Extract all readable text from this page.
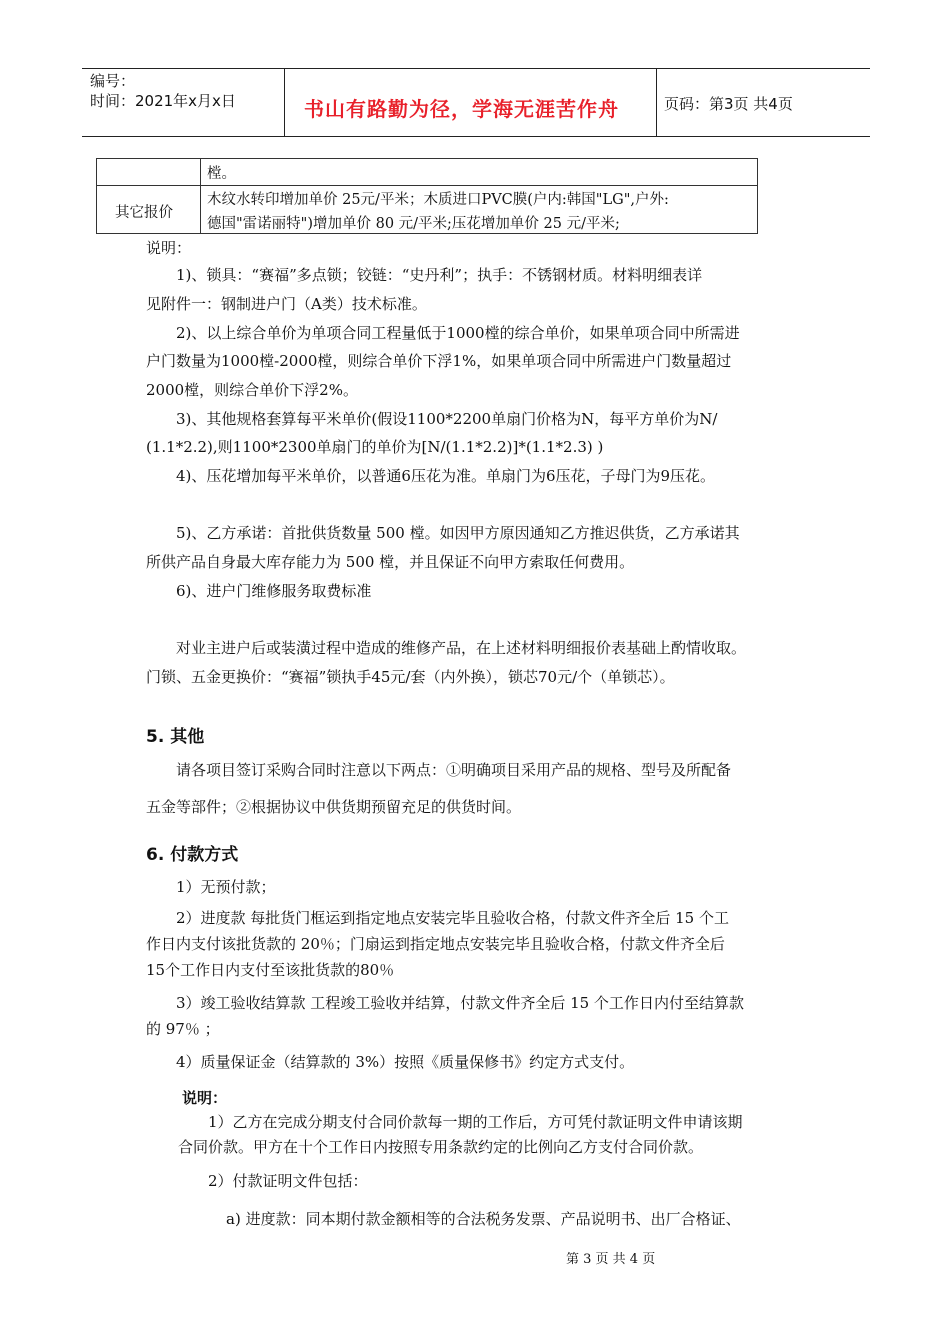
编号：
时间：2021年x月x日	书山有路勤为径，学海无涯苦作舟	页码：第3页 共4页
樘。
其它报价
木纹水转印增加单价 25元/平米；木质进口PVC膜(户内:韩国"LG",户外:
德国"雷诺丽特")增加单价 80 元/平米;压花增加单价 25 元/平米;
说明：
1)、锁具：“赛福”多点锁；铰链：“史丹利”；执手：不锈钢材质。材料明细表详
见附件一：钢制进户门（A类）技术标准。
2)、以上综合单价为单项合同工程量低于1000樘的综合单价，如果单项合同中所需进
户门数量为1000樘-2000樘，则综合单价下浮1%，如果单项合同中所需进户门数量超过
2000樘，则综合单价下浮2%。
3)、其他规格套算每平米单价(假设1100*2200单扇门价格为N，每平方单价为N/
(1.1*2.2),则1100*2300单扇门的单价为[N/(1.1*2.2)]*(1.1*2.3) )
4)、压花增加每平米单价，以普通6压花为准。单扇门为6压花，子母门为9压花。
5)、乙方承诺：首批供货数量 500 樘。如因甲方原因通知乙方推迟供货，乙方承诺其
所供产品自身最大库存能力为 500 樘，并且保证不向甲方索取任何费用。
6)、进户门维修服务取费标准
对业主进户后或装潢过程中造成的维修产品，在上述材料明细报价表基础上酌情收取。
门锁、五金更换价：“赛福”锁执手45元/套（内外换），锁芯70元/个（单锁芯）。
5. 其他
请各项目签订采购合同时注意以下两点：①明确项目采用产品的规格、型号及所配备
五金等部件；②根据协议中供货期预留充足的供货时间。
6. 付款方式
1）无预付款；
2）进度款 每批货门框运到指定地点安装完毕且验收合格，付款文件齐全后 15 个工
作日内支付该批货款的 20％；门扇运到指定地点安装完毕且验收合格，付款文件齐全后
15个工作日内支付至该批货款的80％
3）竣工验收结算款 工程竣工验收并结算，付款文件齐全后 15 个工作日内付至结算款
的 97％ ；
4）质量保证金（结算款的 3%）按照《质量保修书》约定方式支付。
说明：
1）乙方在完成分期支付合同价款每一期的工作后，方可凭付款证明文件申请该期
合同价款。甲方在十个工作日内按照专用条款约定的比例向乙方支付合同价款。
2）付款证明文件包括：
a) 进度款：同本期付款金额相等的合法税务发票、产品说明书、出厂合格证、
第 3 页 共 4 页
